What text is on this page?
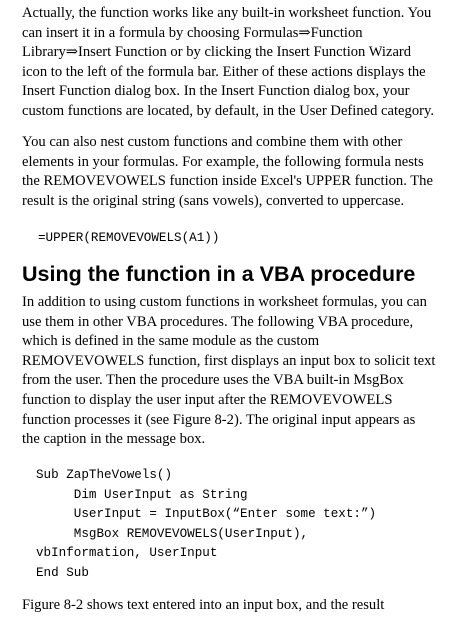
Actually, the function works like any built-in worksheet function. You
can insert it in a formula by choosing Formulas⇒Function
Library⇒Insert Function or by clicking the Insert Function Wizard
icon to the left of the formula bar. Either of these actions displays the
Insert Function dialog box. In the Insert Function dialog box, your
custom functions are located, by default, in the User Defined category.

You can also nest custom functions and combine them with other
elements in your formulas. For example, the following formula nests
the REMOVEVOWELS function inside Excel's UPPER function. The
result is the original string (sans vowels), converted to uppercase.

=UPPER(REMOVEVOWELS(A1))
Using the function in a VBA procedure

In addition to using custom functions in worksheet formulas, you can
use them in other VBA procedures. The following VBA procedure,
which is defined in the same module as the custom
REMOVEVOWELS function, first displays an input box to solicit text
from the user. Then the procedure uses the VBA built-in MsgBox
function to display the user input after the REMOVEVOWELS
function processes it (see Figure 8-2). The original input appears as
the caption in the message box.

Sub ZapTheVowels()
Dim UserInput as String
UserInput = InputBox(“Enter some text:”)
MsgBox REMOVEVOWELS(UserInput),
vbInformation, UserInput
End Sub

Figure 8-2 shows text entered into an input box, and the result
